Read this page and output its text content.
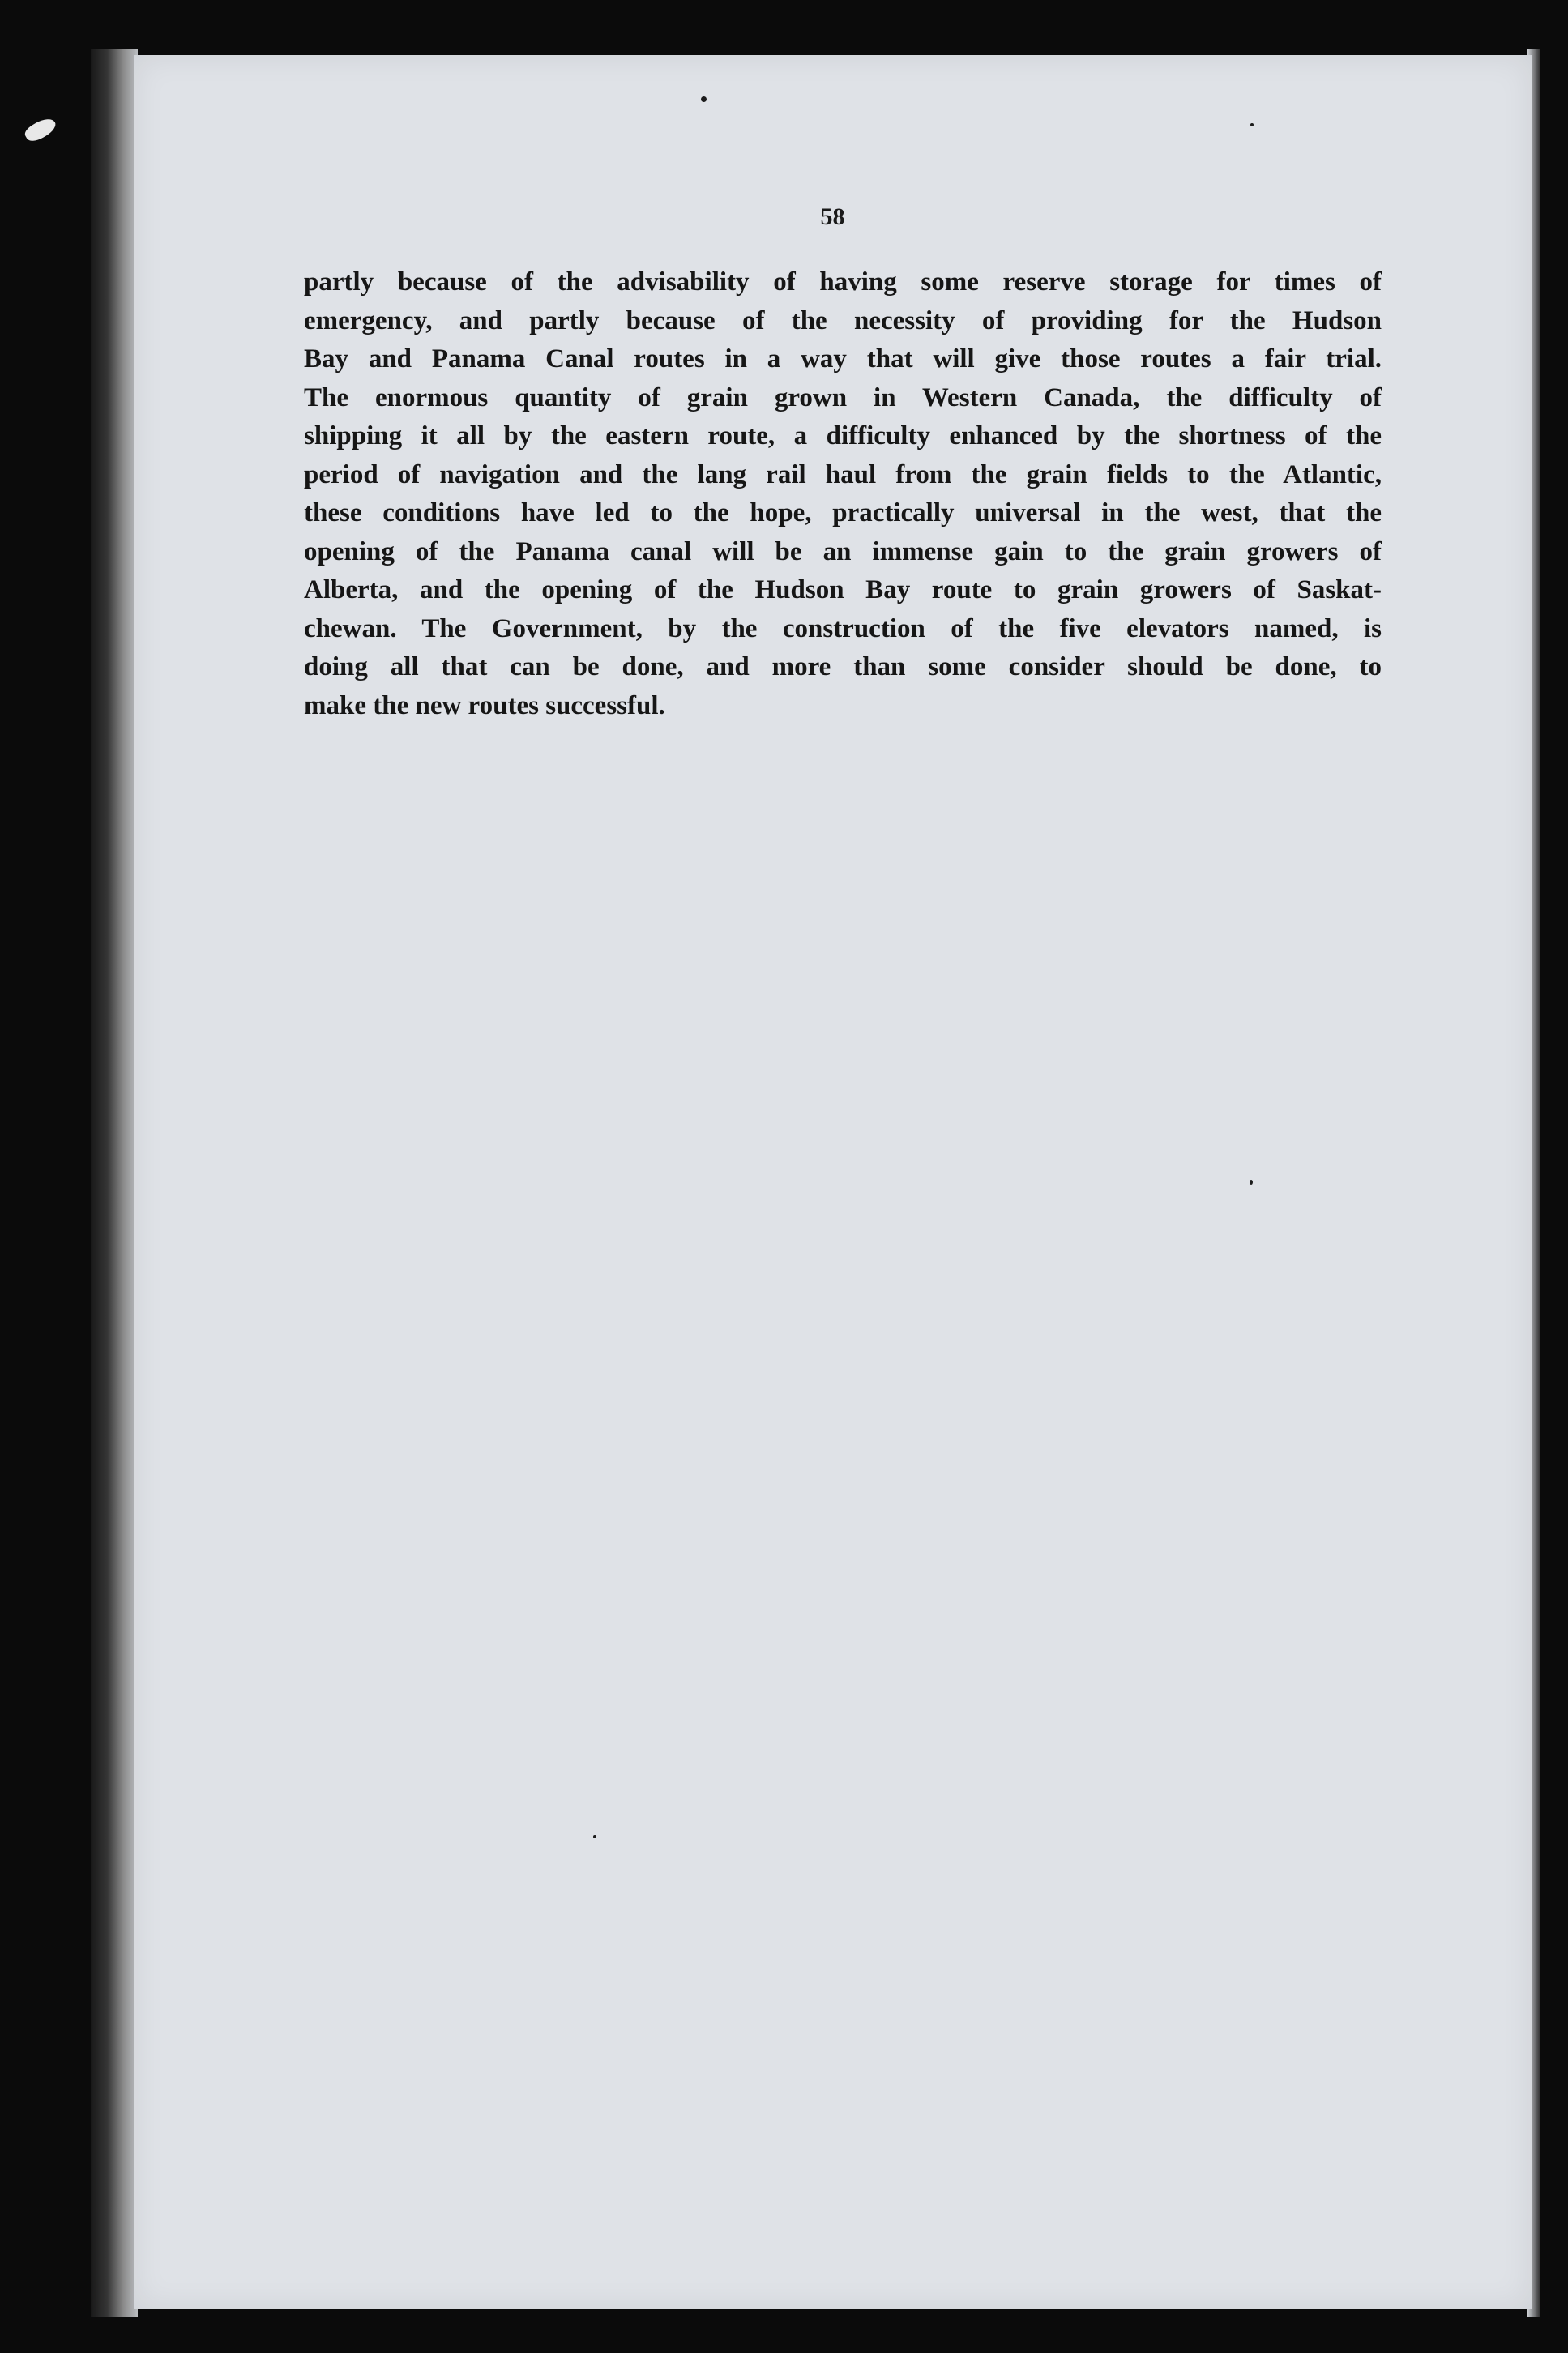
58

partly because of the advisability of having some reserve storage for times of
emergency, and partly because of the necessity of providing for the Hudson
Bay and Panama Canal routes in a way that will give those routes a fair trial.
The enormous quantity of grain grown in Western Canada, the difficulty of
shipping it all by the eastern route, a difficulty enhanced by the shortness of the
period of navigation and the lang rail haul from the grain fields to the Atlantic,
these conditions have led to the hope, practically universal in the west, that the
opening of the Panama canal will be an immense gain to the grain growers of
Alberta, and the opening of the Hudson Bay route to grain growers of Saskat-
chewan. The Government, by the construction of the five elevators named, is
doing all that can be done, and more than some consider should be done, to
make the new routes successful.
